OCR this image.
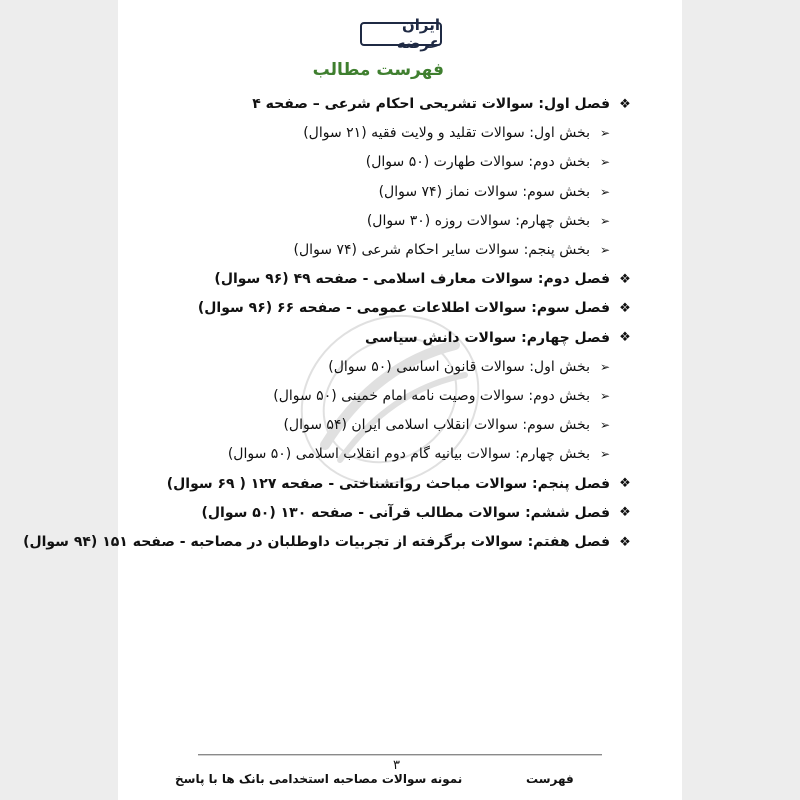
ایران عرضه
فهرست مطالب
❖
فصل اول: سوالات تشریحی احکام شرعی – صفحه ۴
➢
بخش اول: سوالات تقلید و ولایت فقیه (۲۱ سوال)
➢
بخش دوم: سوالات طهارت (۵۰ سوال)
➢
بخش سوم: سوالات نماز (۷۴ سوال)
➢
بخش چهارم: سوالات روزه (۳۰ سوال)
➢
بخش پنجم: سوالات سایر احکام شرعی (۷۴ سوال)
❖
فصل دوم: سوالات معارف اسلامی - صفحه ۴۹ (۹۶ سوال)
❖
فصل سوم: سوالات اطلاعات عمومی - صفحه ۶۶ (۹۶ سوال)
❖
فصل چهارم: سوالات دانش سیاسی
➢
بخش اول: سوالات قانون اساسی (۵۰ سوال)
➢
بخش دوم: سوالات وصیت نامه امام خمینی (۵۰ سوال)
➢
بخش سوم: سوالات انقلاب اسلامی ایران (۵۴ سوال)
➢
بخش چهارم: سوالات بیانیه گام دوم انقلاب اسلامی (۵۰ سوال)
❖
فصل پنجم: سوالات مباحث روانشناختی - صفحه ۱۲۷ ( ۶۹ سوال)
❖
فصل ششم: سوالات مطالب قرآنی - صفحه ۱۳۰ (۵۰ سوال)
❖
فصل هفتم: سوالات برگرفته از تجربیات داوطلبان در مصاحبه - صفحه ۱۵۱ (۹۴ سوال)
۳
نمونه سوالات مصاحبه استخدامی بانک ها با پاسخ	فهرست
